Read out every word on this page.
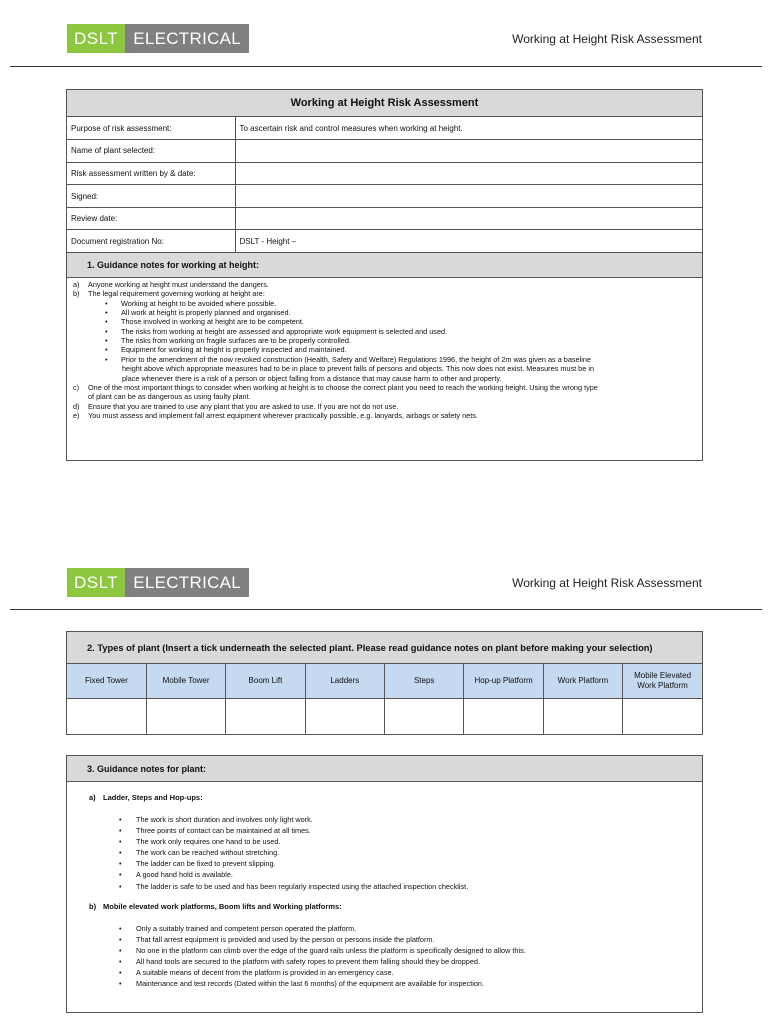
DSLT ELECTRICAL	Working at Height Risk Assessment
Working at Height Risk Assessment
Purpose of risk assessment:	To ascertain risk and control measures when working at height.
Name of plant selected:	
Risk assessment written by & date:	
Signed:	
Review date:	
Document registration No:	DSLT - Height –
1. Guidance notes for working at height:
a)	Anyone working at height must understand the dangers.
b)	The legal requirement governing working at height are:
•	Working at height to be avoided where possible.
•	All work at height is properly planned and organised.
•	Those involved in working at height are to be competent.
•	The risks from working at height are assessed and appropriate work equipment is selected and used.
•	The risks from working on fragile surfaces are to be properly controlled.
•	Equipment for working at height is properly inspected and maintained.
•	Prior to the amendment of the now revoked construction (Health, Safety and Welfare) Regulations 1996, the height of 2m was given as a baseline
height above which appropriate measures had to be in place to prevent falls of persons and objects. This now does not exist. Measures must be in
place whenever there is a risk of a person or object falling from a distance that may cause harm to other and property.
c)	One of the most important things to consider when working at height is to choose the correct plant you need to reach the working height. Using the wrong type
of plant can be as dangerous as using faulty plant.
d)	Ensure that you are trained to use any plant that you are asked to use. If you are not do not use.
e)	You must assess and implement fall arrest equipment wherever practically possible, e.g. lanyards, airbags or safety nets.
DSLT ELECTRICAL	Working at Height Risk Assessment
2. Types of plant (Insert a tick underneath the selected plant. Please read guidance notes on plant before making your selection)
Fixed Tower	Mobile Tower	Boom Lift	Ladders	Steps	Hop-up Platform	Work Platform	Mobile Elevated Work Platform

3. Guidance notes for plant:
a) Ladder, Steps and Hop-ups:
•	The work is short duration and involves only light work.
•	Three points of contact can be maintained at all times.
•	The work only requires one hand to be used.
•	The work can be reached without stretching.
•	The ladder can be fixed to prevent slipping.
•	A good hand hold is available.
•	The ladder is safe to be used and has been regularly inspected using the attached inspection checklist.
b) Mobile elevated work platforms, Boom lifts and Working platforms:
•	Only a suitably trained and competent person operated the platform.
•	That fall arrest equipment is provided and used by the person or persons inside the platform.
•	No one in the platform can climb over the edge of the guard rails unless the platform is specifically designed to allow this.
•	All hand tools are secured to the platform with safety ropes to prevent them falling should they be dropped.
•	A suitable means of decent from the platform is provided in an emergency case.
•	Maintenance and test records (Dated within the last 6 months) of the equipment are available for inspection.
